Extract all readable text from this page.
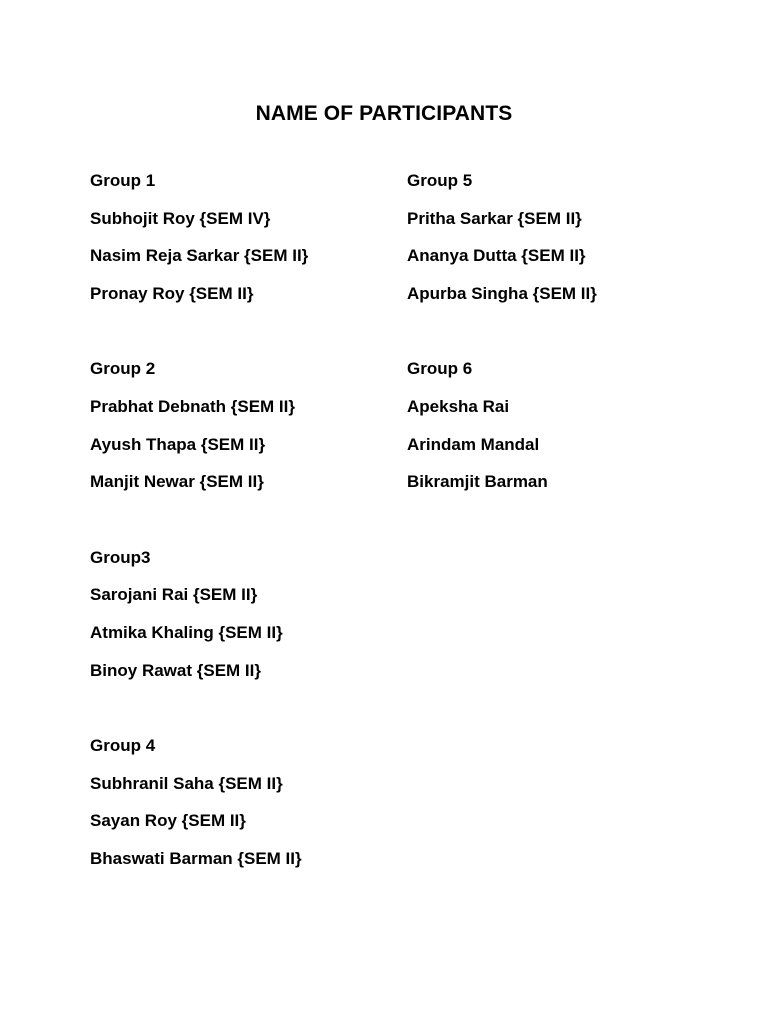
NAME OF PARTICIPANTS
Group 1
Subhojit Roy {SEM IV}
Nasim Reja Sarkar {SEM II}
Pronay Roy {SEM II}
Group 2
Prabhat Debnath {SEM II}
Ayush Thapa {SEM II}
Manjit Newar {SEM II}
Group3
Sarojani Rai {SEM II}
Atmika Khaling {SEM II}
Binoy Rawat {SEM II}
Group 4
Subhranil Saha {SEM II}
Sayan Roy {SEM II}
Bhaswati Barman {SEM II}
Group 5
Pritha Sarkar {SEM II}
Ananya Dutta {SEM II}
Apurba Singha {SEM II}
Group 6
Apeksha Rai
Arindam Mandal
Bikramjit Barman
